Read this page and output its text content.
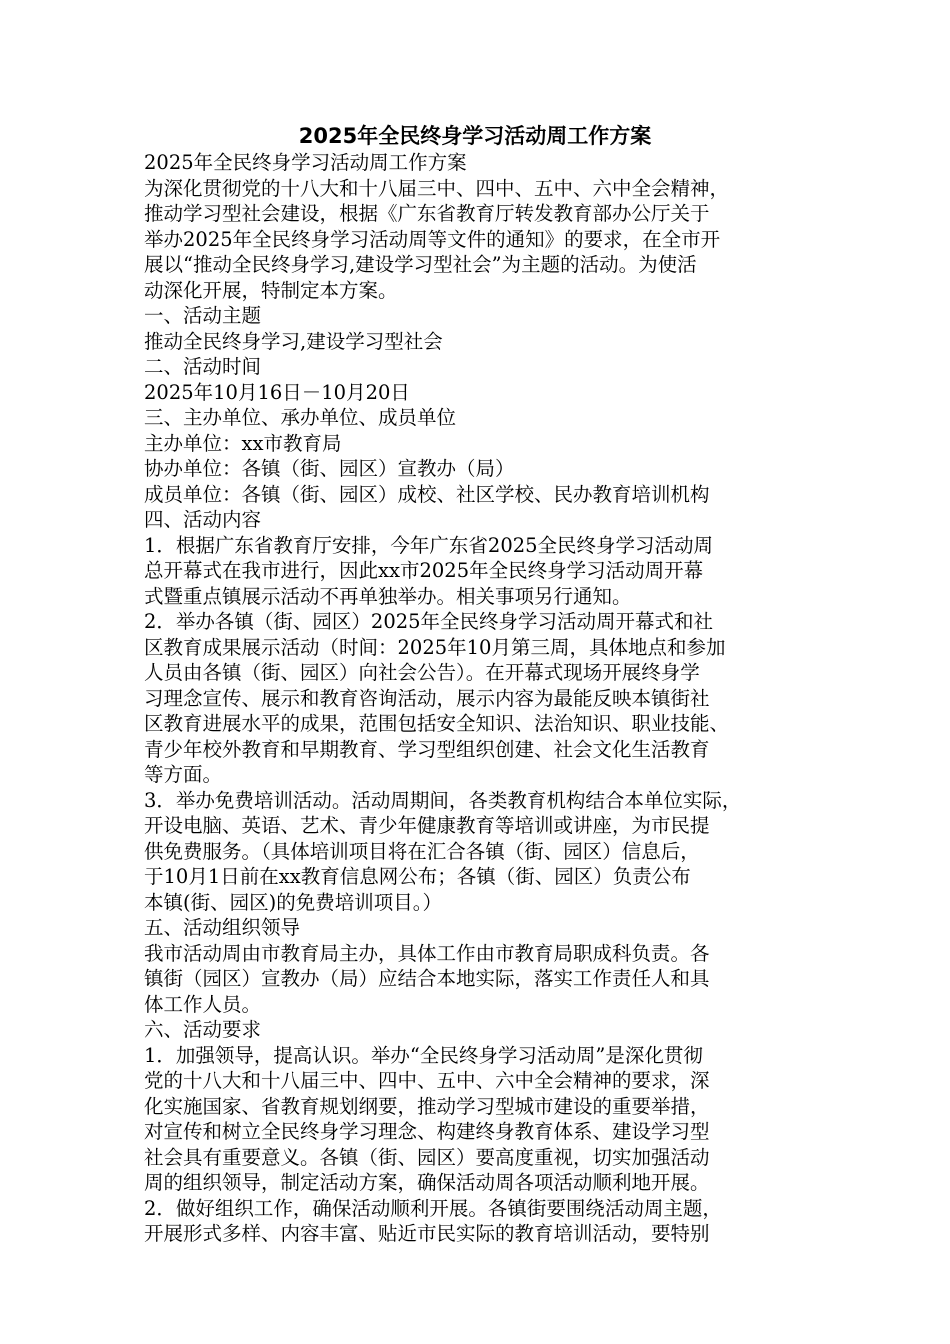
2025年全民终身学习活动周工作方案
2025年全民终身学习活动周工作方案
为深化贯彻党的十八大和十八届三中、四中、五中、六中全会精神，
推动学习型社会建设，根据《广东省教育厅转发教育部办公厅关于
举办2025年全民终身学习活动周等文件的通知》的要求，在全市开
展以“推动全民终身学习,建设学习型社会”为主题的活动。为使活
动深化开展，特制定本方案。
一、活动主题
推动全民终身学习,建设学习型社会
二、活动时间
2025年10月16日－10月20日
三、主办单位、承办单位、成员单位
主办单位：xx市教育局
协办单位：各镇（街、园区）宣教办（局）
成员单位：各镇（街、园区）成校、社区学校、民办教育培训机构
四、活动内容
1．根据广东省教育厅安排，今年广东省2025全民终身学习活动周
总开幕式在我市进行，因此xx市2025年全民终身学习活动周开幕
式暨重点镇展示活动不再单独举办。相关事项另行通知。
2．举办各镇（街、园区）2025年全民终身学习活动周开幕式和社
区教育成果展示活动（时间：2025年10月第三周，具体地点和参加
人员由各镇（街、园区）向社会公告）。在开幕式现场开展终身学
习理念宣传、展示和教育咨询活动，展示内容为最能反映本镇街社
区教育进展水平的成果，范围包括安全知识、法治知识、职业技能、
青少年校外教育和早期教育、学习型组织创建、社会文化生活教育
等方面。
3．举办免费培训活动。活动周期间，各类教育机构结合本单位实际，
开设电脑、英语、艺术、青少年健康教育等培训或讲座，为市民提
供免费服务。（具体培训项目将在汇合各镇（街、园区）信息后，
于10月1日前在xx教育信息网公布；各镇（街、园区）负责公布
本镇(街、园区)的免费培训项目。）
五、活动组织领导
我市活动周由市教育局主办，具体工作由市教育局职成科负责。各
镇街（园区）宣教办（局）应结合本地实际，落实工作责任人和具
体工作人员。
六、活动要求
1．加强领导，提高认识。举办“全民终身学习活动周”是深化贯彻
党的十八大和十八届三中、四中、五中、六中全会精神的要求，深
化实施国家、省教育规划纲要，推动学习型城市建设的重要举措，
对宣传和树立全民终身学习理念、构建终身教育体系、建设学习型
社会具有重要意义。各镇（街、园区）要高度重视，切实加强活动
周的组织领导，制定活动方案，确保活动周各项活动顺利地开展。
2．做好组织工作，确保活动顺利开展。各镇街要围绕活动周主题，
开展形式多样、内容丰富、贴近市民实际的教育培训活动，要特别
